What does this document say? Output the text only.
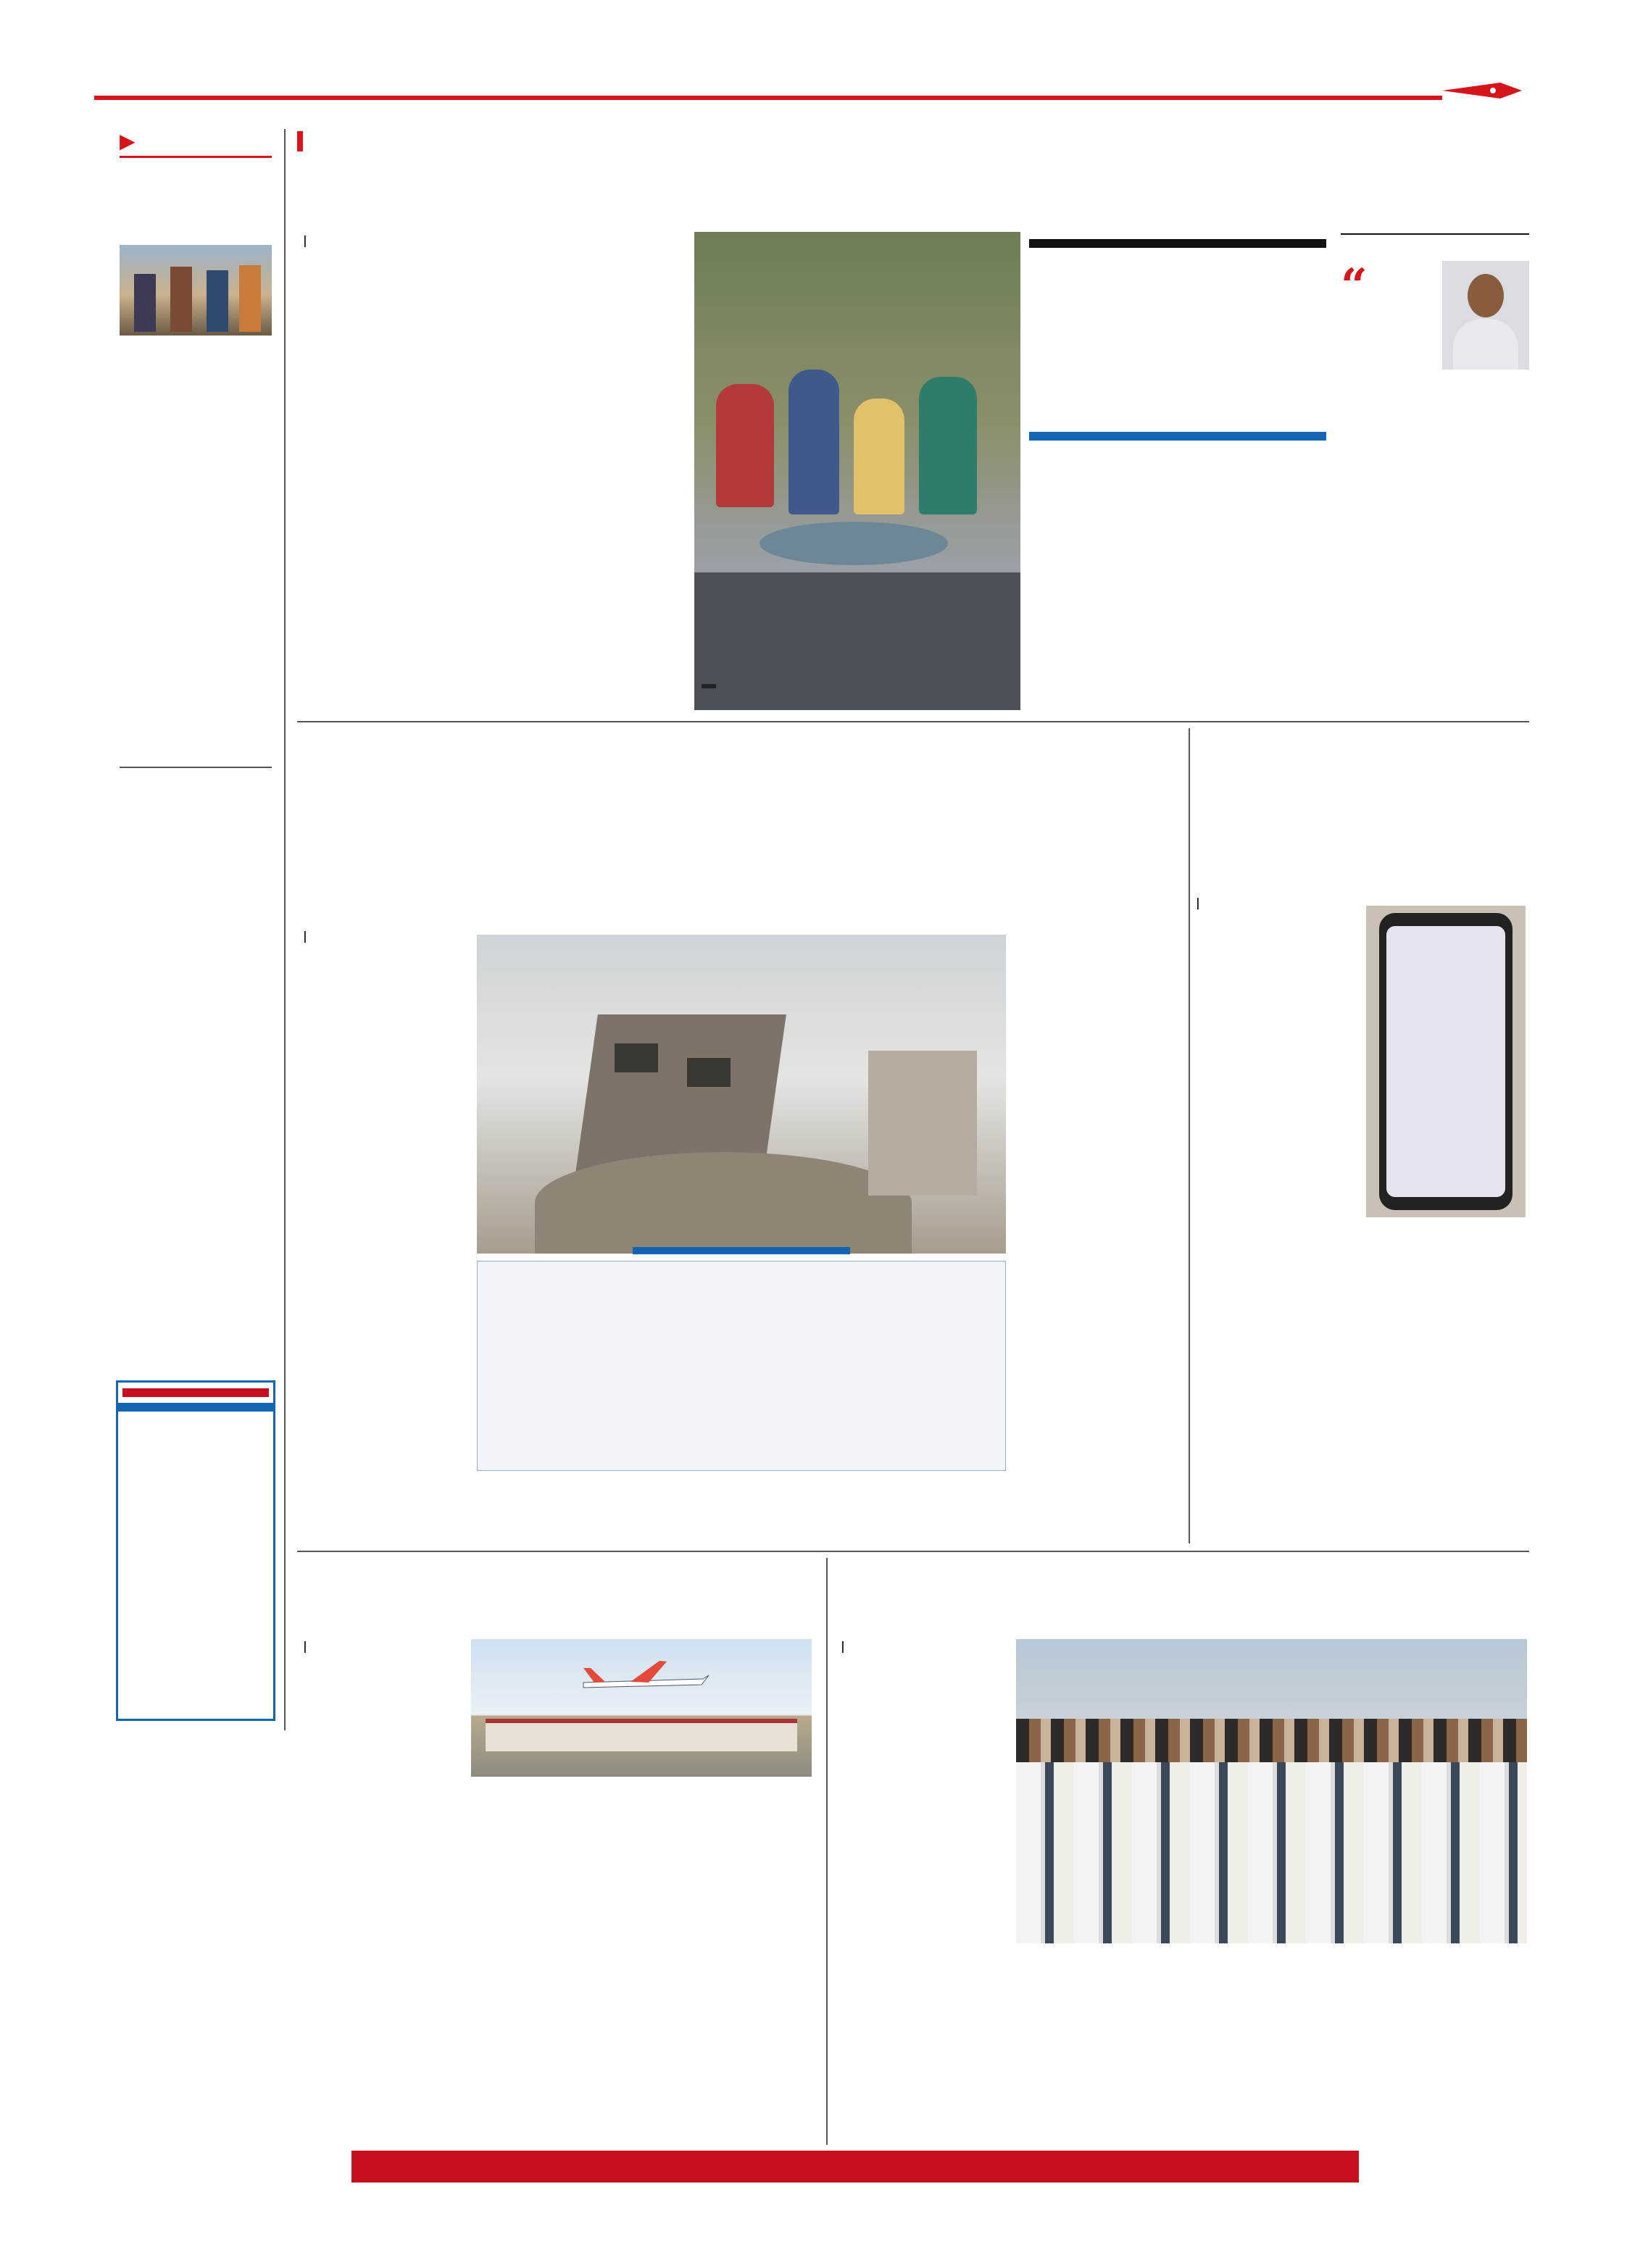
▶
|
“
|
|
|	|
